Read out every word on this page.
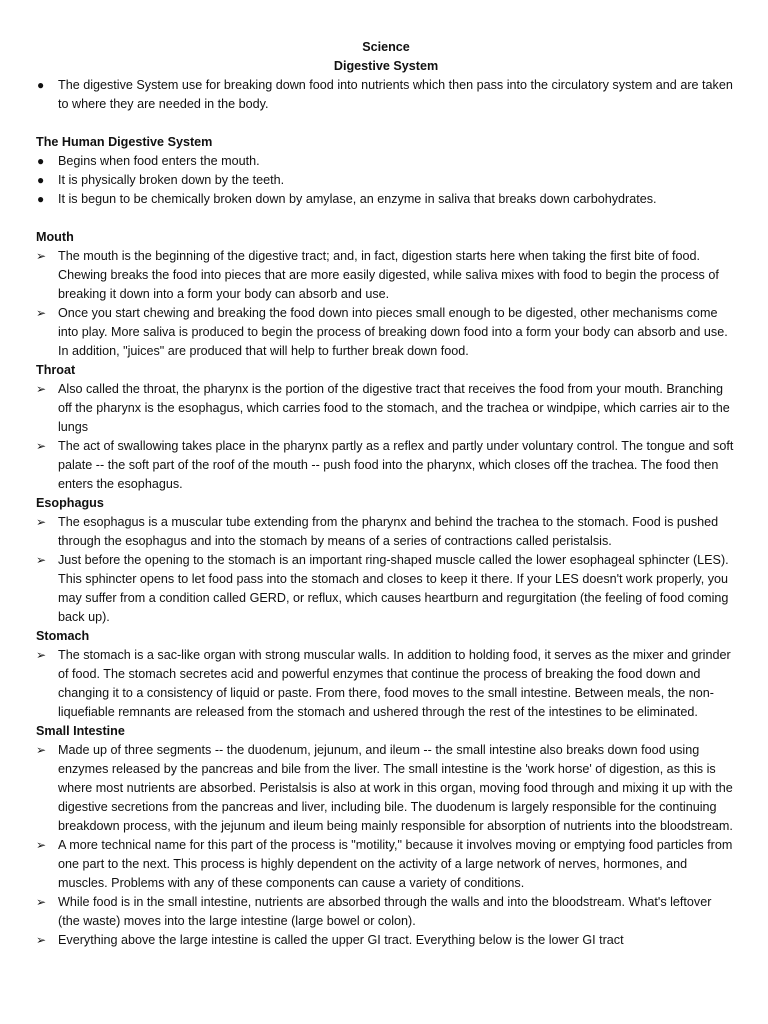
Science

Digestive System

●	The digestive System use for breaking down food into nutrients which then pass into the circulatory system and are taken to where they are needed in the body.

The Human Digestive System

●	Begins when food enters the mouth.
●	It is physically broken down by the teeth.
●	It is begun to be chemically broken down by amylase, an enzyme in saliva that breaks down carbohydrates.

Mouth

➢ The mouth is the beginning of the digestive tract; and, in fact, digestion starts here when taking the first bite of food. Chewing breaks the food into pieces that are more easily digested, while saliva mixes with food to begin the process of breaking it down into a form your body can absorb and use.
➢ Once you start chewing and breaking the food down into pieces small enough to be digested, other mechanisms come into play. More saliva is produced to begin the process of breaking down food into a form your body can absorb and use. In addition, "juices" are produced that will help to further break down food.

Throat

➢ Also called the throat, the pharynx is the portion of the digestive tract that receives the food from your mouth. Branching off the pharynx is the esophagus, which carries food to the stomach, and the trachea or windpipe, which carries air to the lungs
➢ The act of swallowing takes place in the pharynx partly as a reflex and partly under voluntary control. The tongue and soft palate -- the soft part of the roof of the mouth -- push food into the pharynx, which closes off the trachea. The food then enters the esophagus.

Esophagus

➢ The esophagus is a muscular tube extending from the pharynx and behind the trachea to the stomach. Food is pushed through the esophagus and into the stomach by means of a series of contractions called peristalsis.
➢ Just before the opening to the stomach is an important ring-shaped muscle called the lower esophageal sphincter (LES). This sphincter opens to let food pass into the stomach and closes to keep it there. If your LES doesn't work properly, you may suffer from a condition called GERD, or reflux, which causes heartburn and regurgitation (the feeling of food coming back up).

Stomach

➢ The stomach is a sac-like organ with strong muscular walls. In addition to holding food, it serves as the mixer and grinder of food. The stomach secretes acid and powerful enzymes that continue the process of breaking the food down and changing it to a consistency of liquid or paste. From there, food moves to the small intestine. Between meals, the non-liquefiable remnants are released from the stomach and ushered through the rest of the intestines to be eliminated.

Small Intestine

➢ Made up of three segments -- the duodenum, jejunum, and ileum -- the small intestine also breaks down food using enzymes released by the pancreas and bile from the liver. The small intestine is the 'work horse' of digestion, as this is where most nutrients are absorbed. Peristalsis is also at work in this organ, moving food through and mixing it up with the digestive secretions from the pancreas and liver, including bile. The duodenum is largely responsible for the continuing breakdown process, with the jejunum and ileum being mainly responsible for absorption of nutrients into the bloodstream.
➢ A more technical name for this part of the process is "motility," because it involves moving or emptying food particles from one part to the next. This process is highly dependent on the activity of a large network of nerves, hormones, and muscles. Problems with any of these components can cause a variety of conditions.
➢ While food is in the small intestine, nutrients are absorbed through the walls and into the bloodstream. What's leftover (the waste) moves into the large intestine (large bowel or colon).
➢ Everything above the large intestine is called the upper GI tract. Everything below is the lower GI tract
